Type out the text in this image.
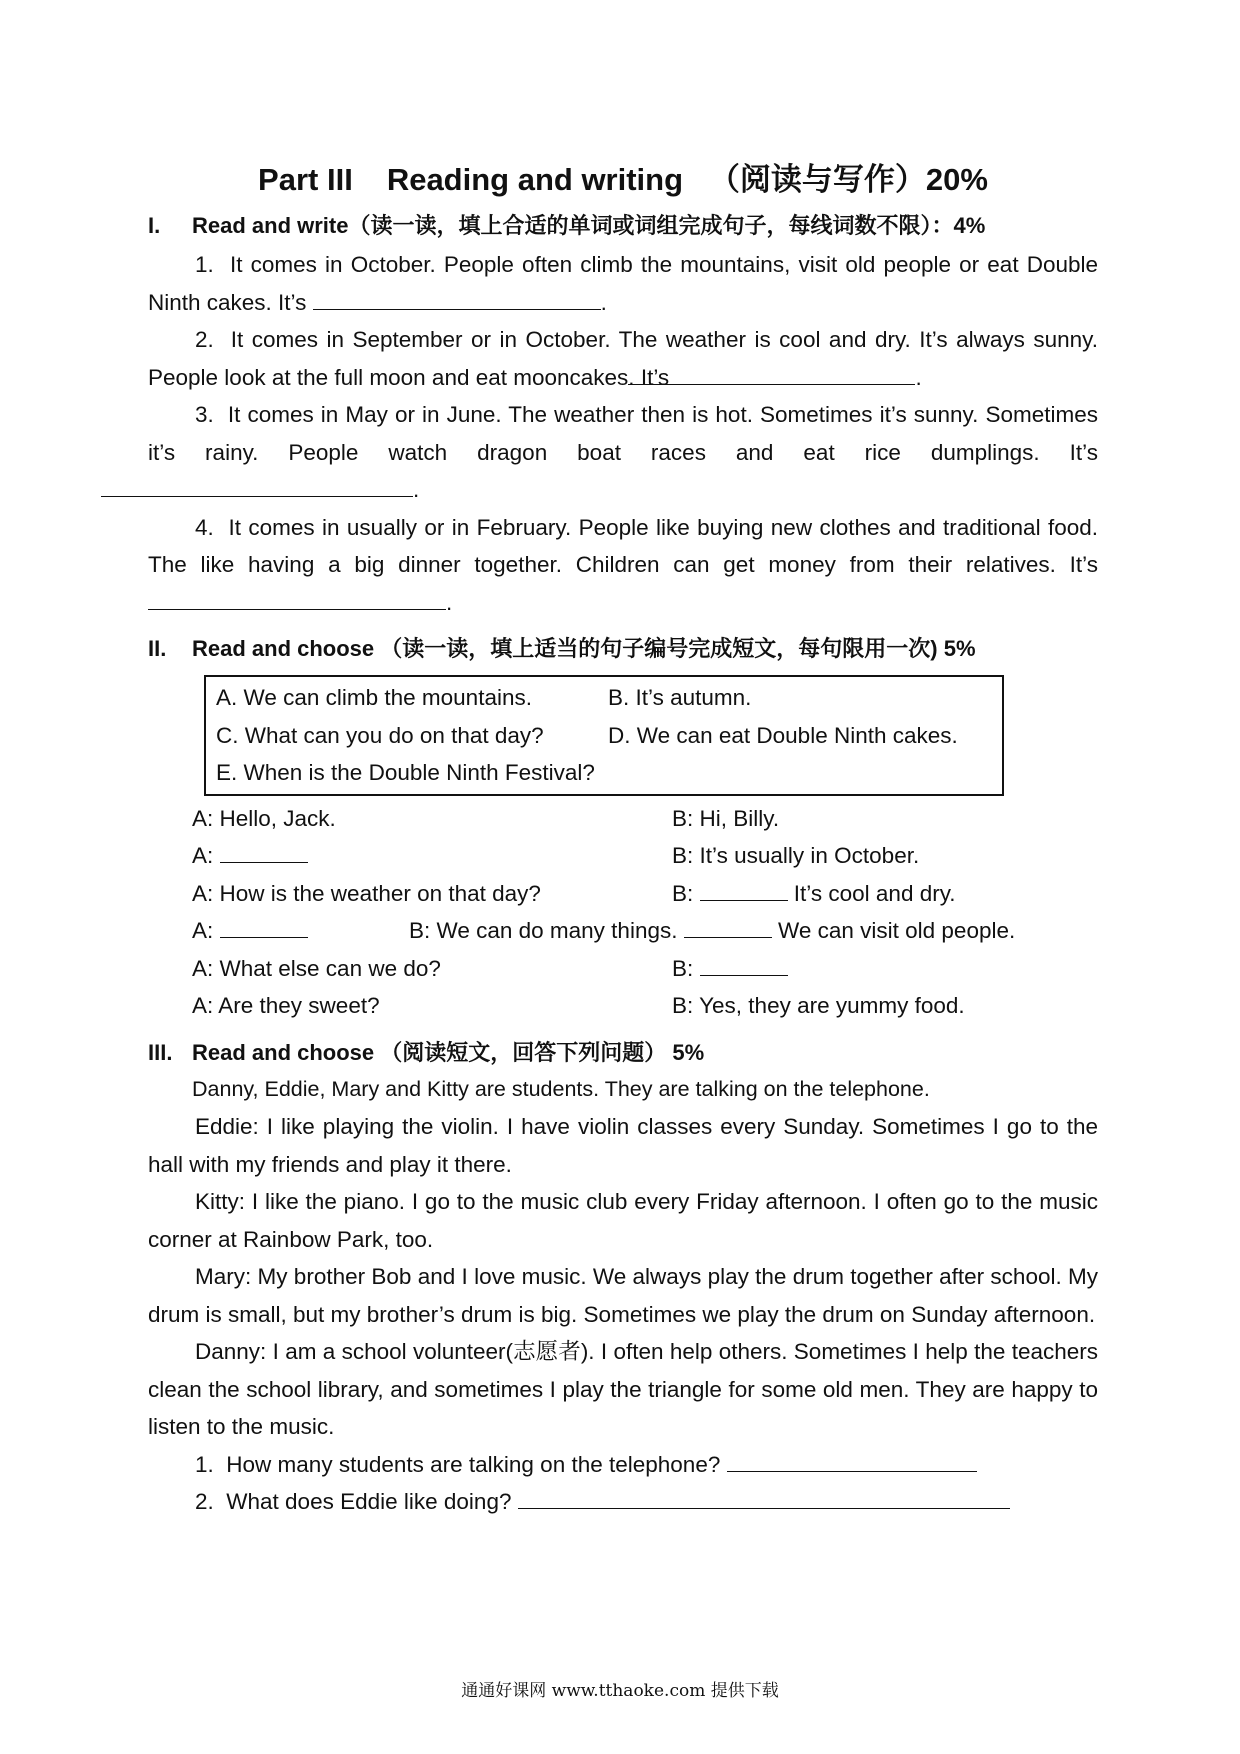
Part III Reading and writing （阅读与写作）20%
I.	Read and write（读一读，填上合适的单词或词组完成句子，每线词数不限）：4%
1. It comes in October. People often climb the mountains, visit old people or eat Double Ninth cakes. It’s	.
2. It comes in September or in October. The weather is cool and dry. It’s always sunny. People look at the full moon and eat mooncakes. It’s	.
3. It comes in May or in June. The weather then is hot. Sometimes it’s sunny. Sometimes it’s rainy. People watch dragon boat races and eat rice dumplings. It’s .
4. It comes in usually or in February. People like buying new clothes and traditional food. The like having a big dinner together. Children can get money from their relatives. It’s .
II.	Read and choose （读一读，填上适当的句子编号完成短文，每句限用一次) 5%
A. We can climb the mountains.	B. It’s autumn.
C. What can you do on that day?	D. We can eat Double Ninth cakes.
E. When is the Double Ninth Festival?
A: Hello, Jack.	B: Hi, Billy.
A:	B: It’s usually in October.
A: How is the weather on that day?	B:	It’s cool and dry.
A:	B: We can do many things.	We can visit old people.
A: What else can we do?	B:
A: Are they sweet?	B: Yes, they are yummy food.
III. Read and choose （阅读短文，回答下列问题） 5%
Danny, Eddie, Mary and Kitty are students. They are talking on the telephone.
Eddie: I like playing the violin. I have violin classes every Sunday. Sometimes I go to the hall with my friends and play it there.
Kitty: I like the piano. I go to the music club every Friday afternoon. I often go to the music corner at Rainbow Park, too.
Mary: My brother Bob and I love music. We always play the drum together after school. My drum is small, but my brother’s drum is big. Sometimes we play the drum on Sunday afternoon.
Danny: I am a school volunteer(志愿者). I often help others. Sometimes I help the teachers clean the school library, and sometimes I play the triangle for some old men. They are happy to listen to the music.
1. How many students are talking on the telephone?
2. What does Eddie like doing?
通通好课网 www.tthaoke.com 提供下载
